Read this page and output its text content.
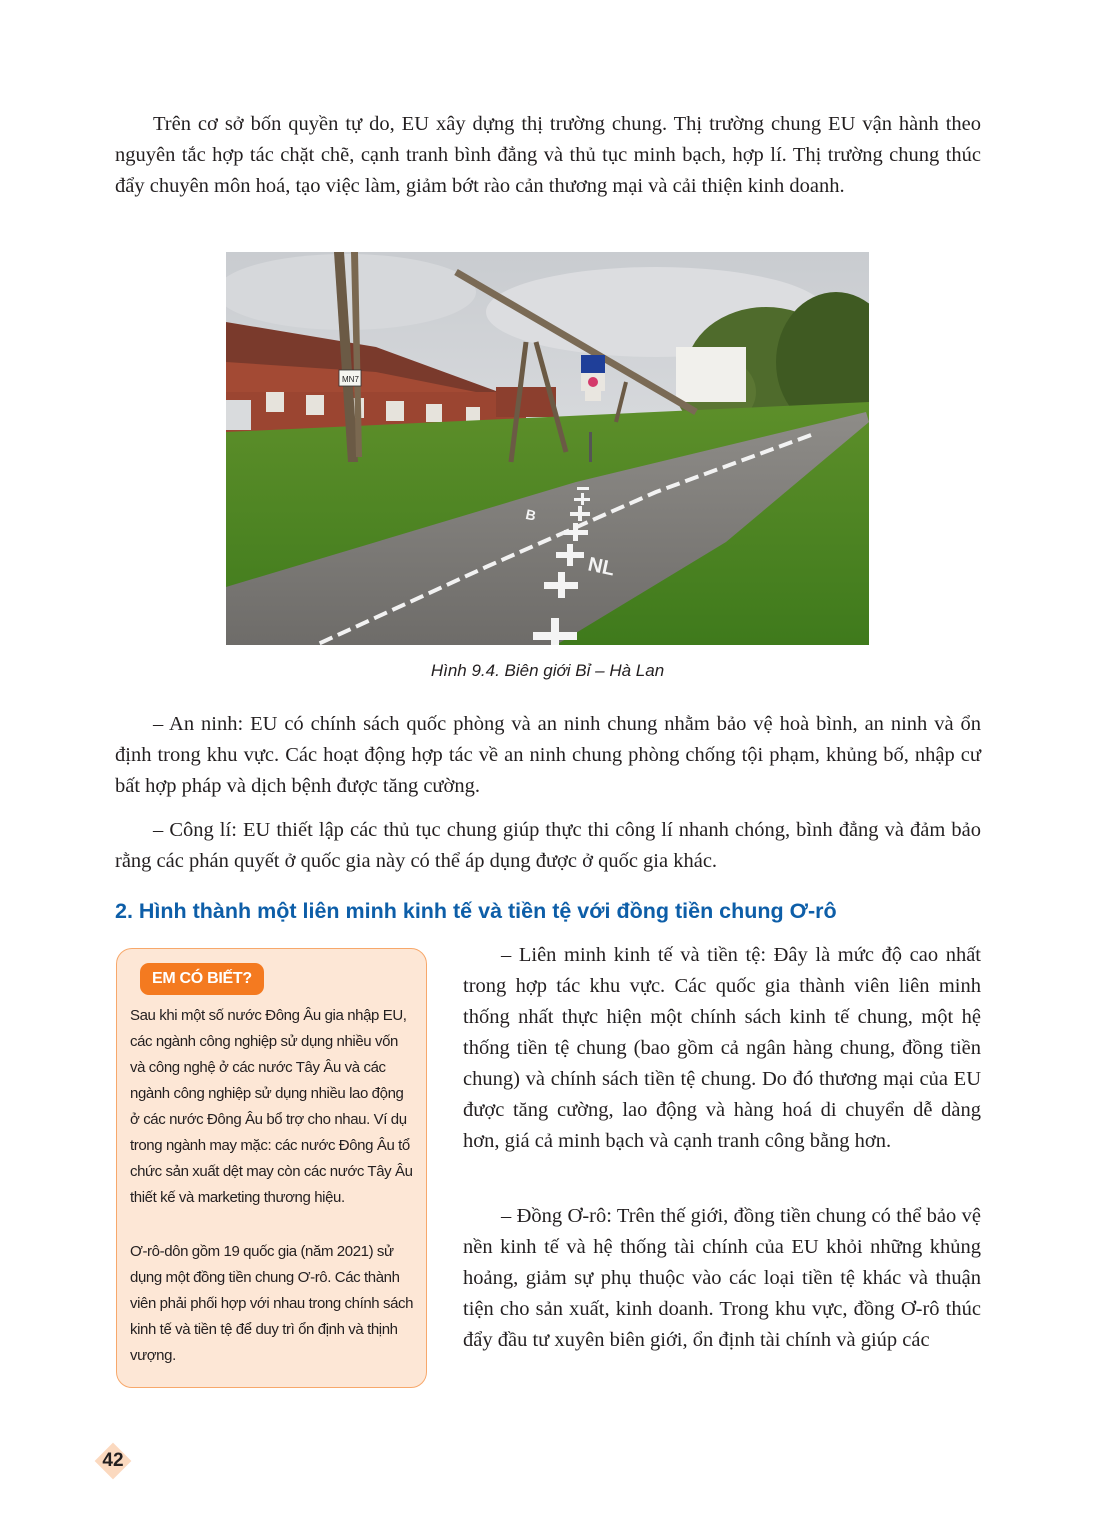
Trên cơ sở bốn quyền tự do, EU xây dựng thị trường chung. Thị trường chung EU vận hành theo nguyên tắc hợp tác chặt chẽ, cạnh tranh bình đẳng và thủ tục minh bạch, hợp lí. Thị trường chung thúc đẩy chuyên môn hoá, tạo việc làm, giảm bớt rào cản thương mại và cải thiện kinh doanh.

NL
B
MN7
Hình 9.4. Biên giới Bỉ – Hà Lan

– An ninh: EU có chính sách quốc phòng và an ninh chung nhằm bảo vệ hoà bình, an ninh và ổn định trong khu vực. Các hoạt động hợp tác về an ninh chung phòng chống tội phạm, khủng bố, nhập cư bất hợp pháp và dịch bệnh được tăng cường.

– Công lí: EU thiết lập các thủ tục chung giúp thực thi công lí nhanh chóng, bình đẳng và đảm bảo rằng các phán quyết ở quốc gia này có thể áp dụng được ở quốc gia khác.

2. Hình thành một liên minh kinh tế và tiền tệ với đồng tiền chung Ơ-rô
EM CÓ BIẾT?

Sau khi một số nước Đông Âu gia nhập EU, các ngành công nghiệp sử dụng nhiều vốn và công nghệ ở các nước Tây Âu và các ngành công nghiệp sử dụng nhiều lao động ở các nước Đông Âu bổ trợ cho nhau. Ví dụ trong ngành may mặc: các nước Đông Âu tổ chức sản xuất dệt may còn các nước Tây Âu thiết kế và marketing thương hiệu.

Ơ-rô-dôn gồm 19 quốc gia (năm 2021) sử dụng một đồng tiền chung Ơ-rô. Các thành viên phải phối hợp với nhau trong chính sách kinh tế và tiền tệ để duy trì ổn định và thịnh vượng.

– Liên minh kinh tế và tiền tệ: Đây là mức độ cao nhất trong hợp tác khu vực. Các quốc gia thành viên liên minh thống nhất thực hiện một chính sách kinh tế chung, một hệ thống tiền tệ chung (bao gồm cả ngân hàng chung, đồng tiền chung) và chính sách tiền tệ chung. Do đó thương mại của EU được tăng cường, lao động và hàng hoá di chuyển dễ dàng hơn, giá cả minh bạch và cạnh tranh công bằng hơn.

– Đồng Ơ-rô: Trên thế giới, đồng tiền chung có thể bảo vệ nền kinh tế và hệ thống tài chính của EU khỏi những khủng hoảng, giảm sự phụ thuộc vào các loại tiền tệ khác và thuận tiện cho sản xuất, kinh doanh. Trong khu vực, đồng Ơ-rô thúc đẩy đầu tư xuyên biên giới, ổn định tài chính và giúp các

42
